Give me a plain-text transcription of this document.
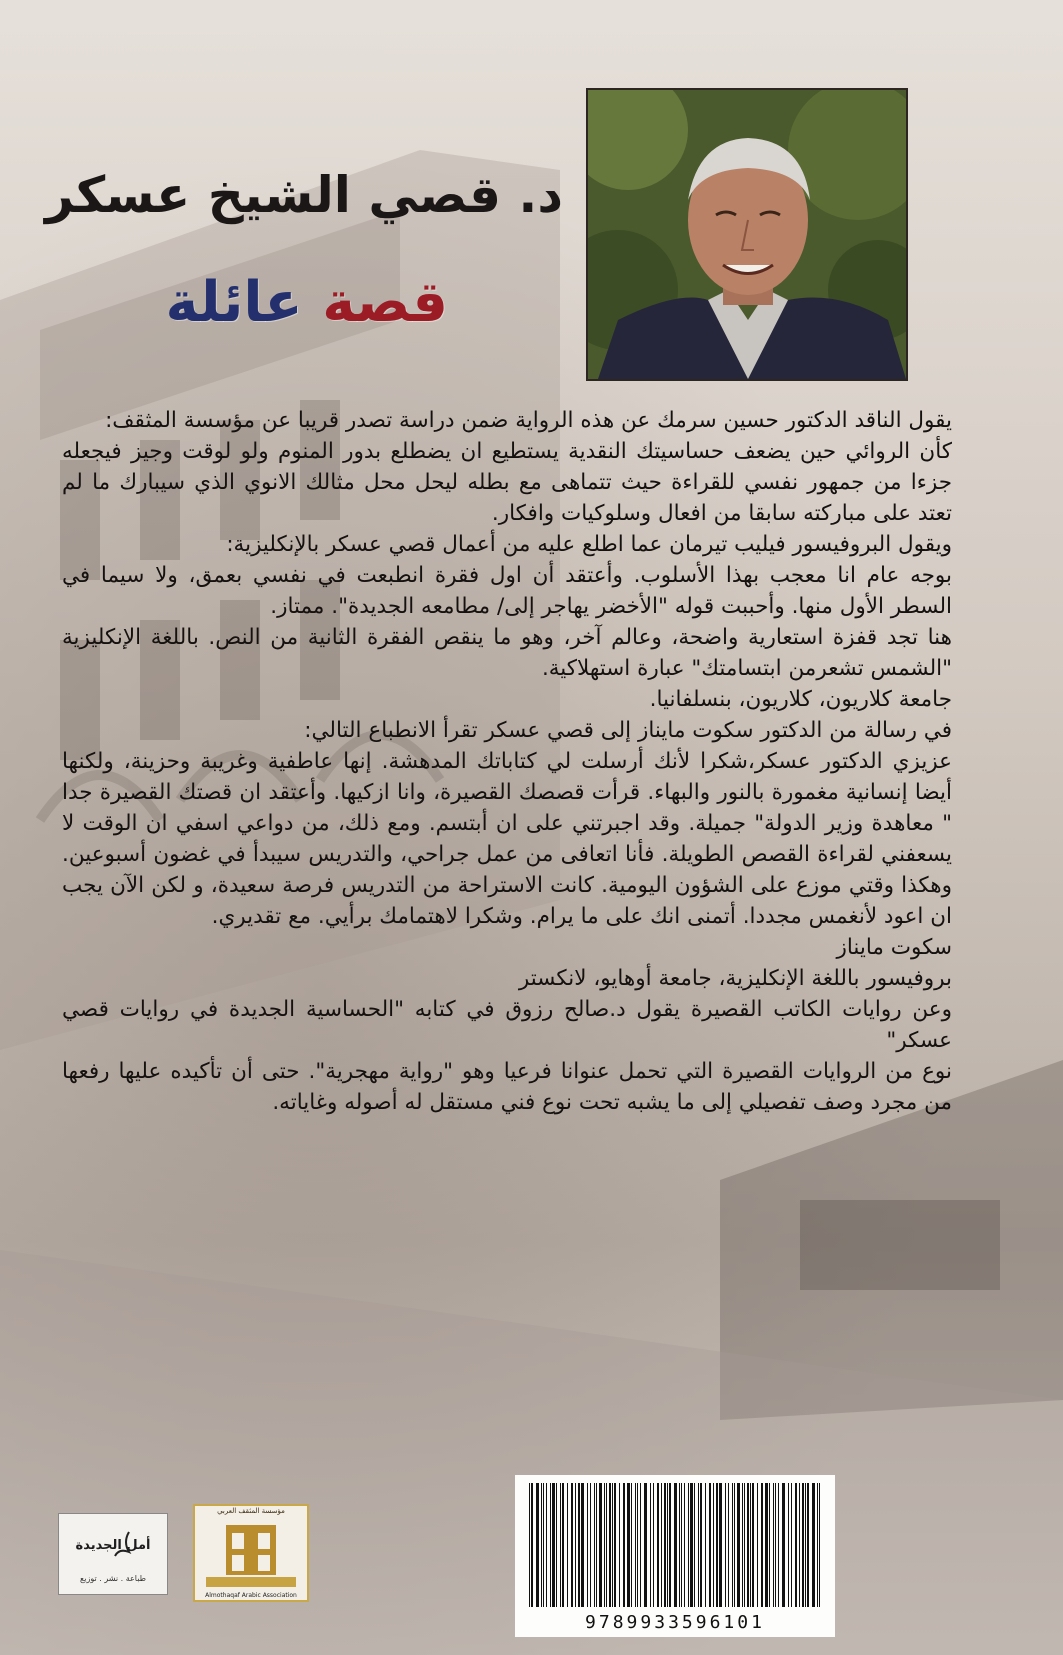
د. قصي الشيخ عسكر
قصة عائلة

يقول الناقد الدكتور حسين سرمك عن هذه الرواية ضمن دراسة تصدر قريبا عن مؤسسة المثقف:

كأن الروائي حين يضعف حساسيتك النقدية يستطيع ان يضطلع بدور المنوم ولو لوقت وجيز فيجعله جزءا من جمهور نفسي للقراءة حيث تتماهى مع بطله ليحل محل مثالك الانوي الذي سيبارك ما لم تعتد على مباركته سابقا من افعال وسلوكيات وافكار.

ويقول البروفيسور فيليب تيرمان عما اطلع عليه من أعمال قصي عسكر بالإنكليزية:

بوجه عام انا معجب بهذا الأسلوب. وأعتقد أن اول فقرة انطبعت في نفسي بعمق، ولا سيما في السطر الأول منها. وأحببت قوله "الأخضر يهاجر إلى/ مطامعه الجديدة". ممتاز.

هنا تجد قفزة استعارية واضحة، وعالم آخر، وهو ما ينقص الفقرة الثانية من النص. باللغة الإنكليزية "الشمس تشعرمن ابتسامتك" عبارة استهلاكية.

جامعة كلاريون، كلاريون، بنسلفانيا.

في رسالة من الدكتور سكوت مايناز إلى قصي عسكر تقرأ الانطباع التالي:

عزيزي الدكتور عسكر،شكرا لأنك أرسلت لي كتاباتك المدهشة. إنها عاطفية وغريبة وحزينة، ولكنها أيضا إنسانية مغمورة بالنور والبهاء. قرأت قصصك القصيرة، وانا ازكيها. وأعتقد ان قصتك القصيرة جدا " معاهدة وزير الدولة" جميلة. وقد اجبرتني على ان أبتسم. ومع ذلك، من دواعي اسفي ان الوقت لا يسعفني لقراءة القصص الطويلة. فأنا اتعافى من عمل جراحي، والتدريس سيبدأ في غضون أسبوعين. وهكذا وقتي موزع على الشؤون اليومية. كانت الاستراحة من التدريس فرصة سعيدة، و لكن الآن يجب ان اعود لأنغمس مجددا. أتمنى انك على ما يرام. وشكرا لاهتمامك برأيي. مع تقديري.

سكوت مايناز

بروفيسور باللغة الإنكليزية، جامعة أوهايو، لانكستر

وعن روايات الكاتب القصيرة يقول د.صالح رزوق في كتابه "الحساسية الجديدة في روايات قصي عسكر"

نوع من الروايات القصيرة التي تحمل عنوانا فرعيا وهو "رواية مهجرية". حتى أن تأكيده عليها رفعها من مجرد وصف تفصيلي إلى ما يشبه تحت نوع فني مستقل له أصوله وغاياته.

أمل الجديدة
طباعة . نشر . توزيع
مؤسسة المثقف العربي
Almothaqaf Arabic Association
9789933596101
